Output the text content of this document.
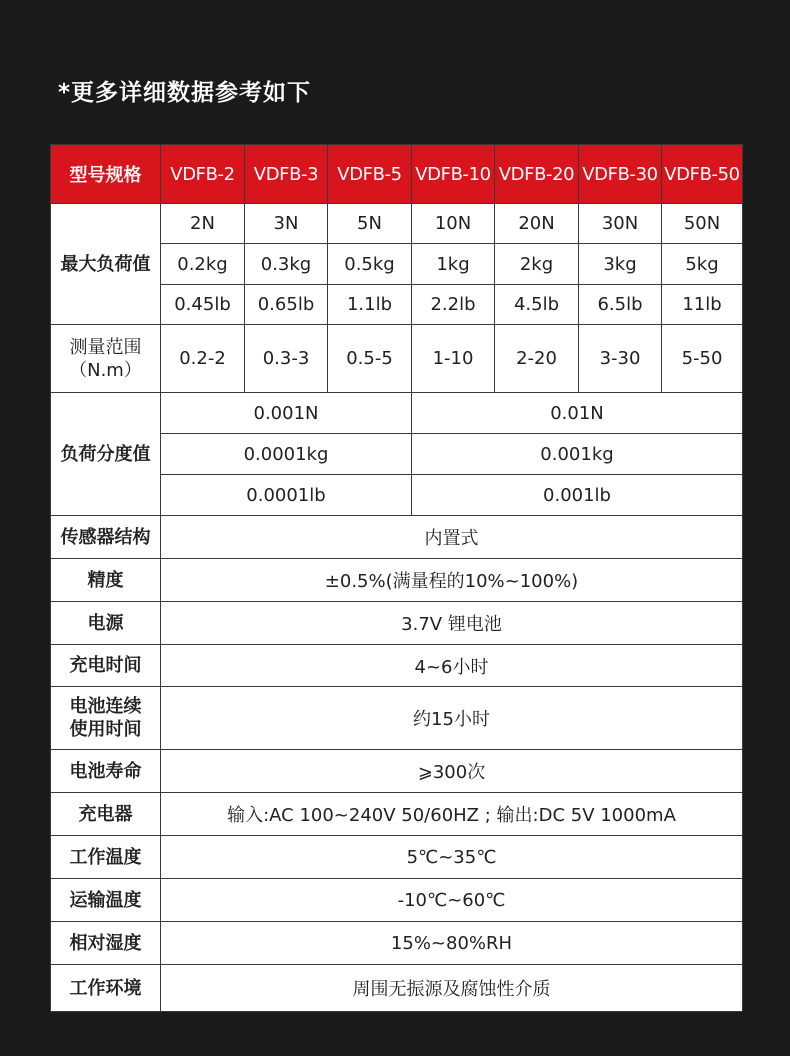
*更多详细数据参考如下
型号规格	VDFB-2	VDFB-3	VDFB-5	VDFB-10	VDFB-20	VDFB-30	VDFB-50
最大负荷值	2N	3N	5N	10N	20N	30N	50N
	0.2kg	0.3kg	0.5kg	1kg	2kg	3kg	5kg
	0.45lb	0.65lb	1.1lb	2.2lb	4.5lb	6.5lb	11lb

测量范围
（N.m）	0.2-2	0.3-3	0.5-5	1-10	2-20	3-30	5-50
负荷分度值	0.001N			0.01N			
	0.0001kg			0.001kg			
	0.0001lb			0.001lb			
传感器结构	内置式						
精度	±0.5%(满量程的10%~100%)						
电源	3.7V 锂电池						
充电时间	4~6小时						

电池连续
使用时间	约15小时						
电池寿命	⩾300次						
充电器	输入:AC 100~240V 50/60HZ ; 输出:DC 5V 1000mA						
工作温度	5℃~35℃						
运输温度	-10℃~60℃						
相对湿度	15%~80%RH						
工作环境	周围无振源及腐蚀性介质						
